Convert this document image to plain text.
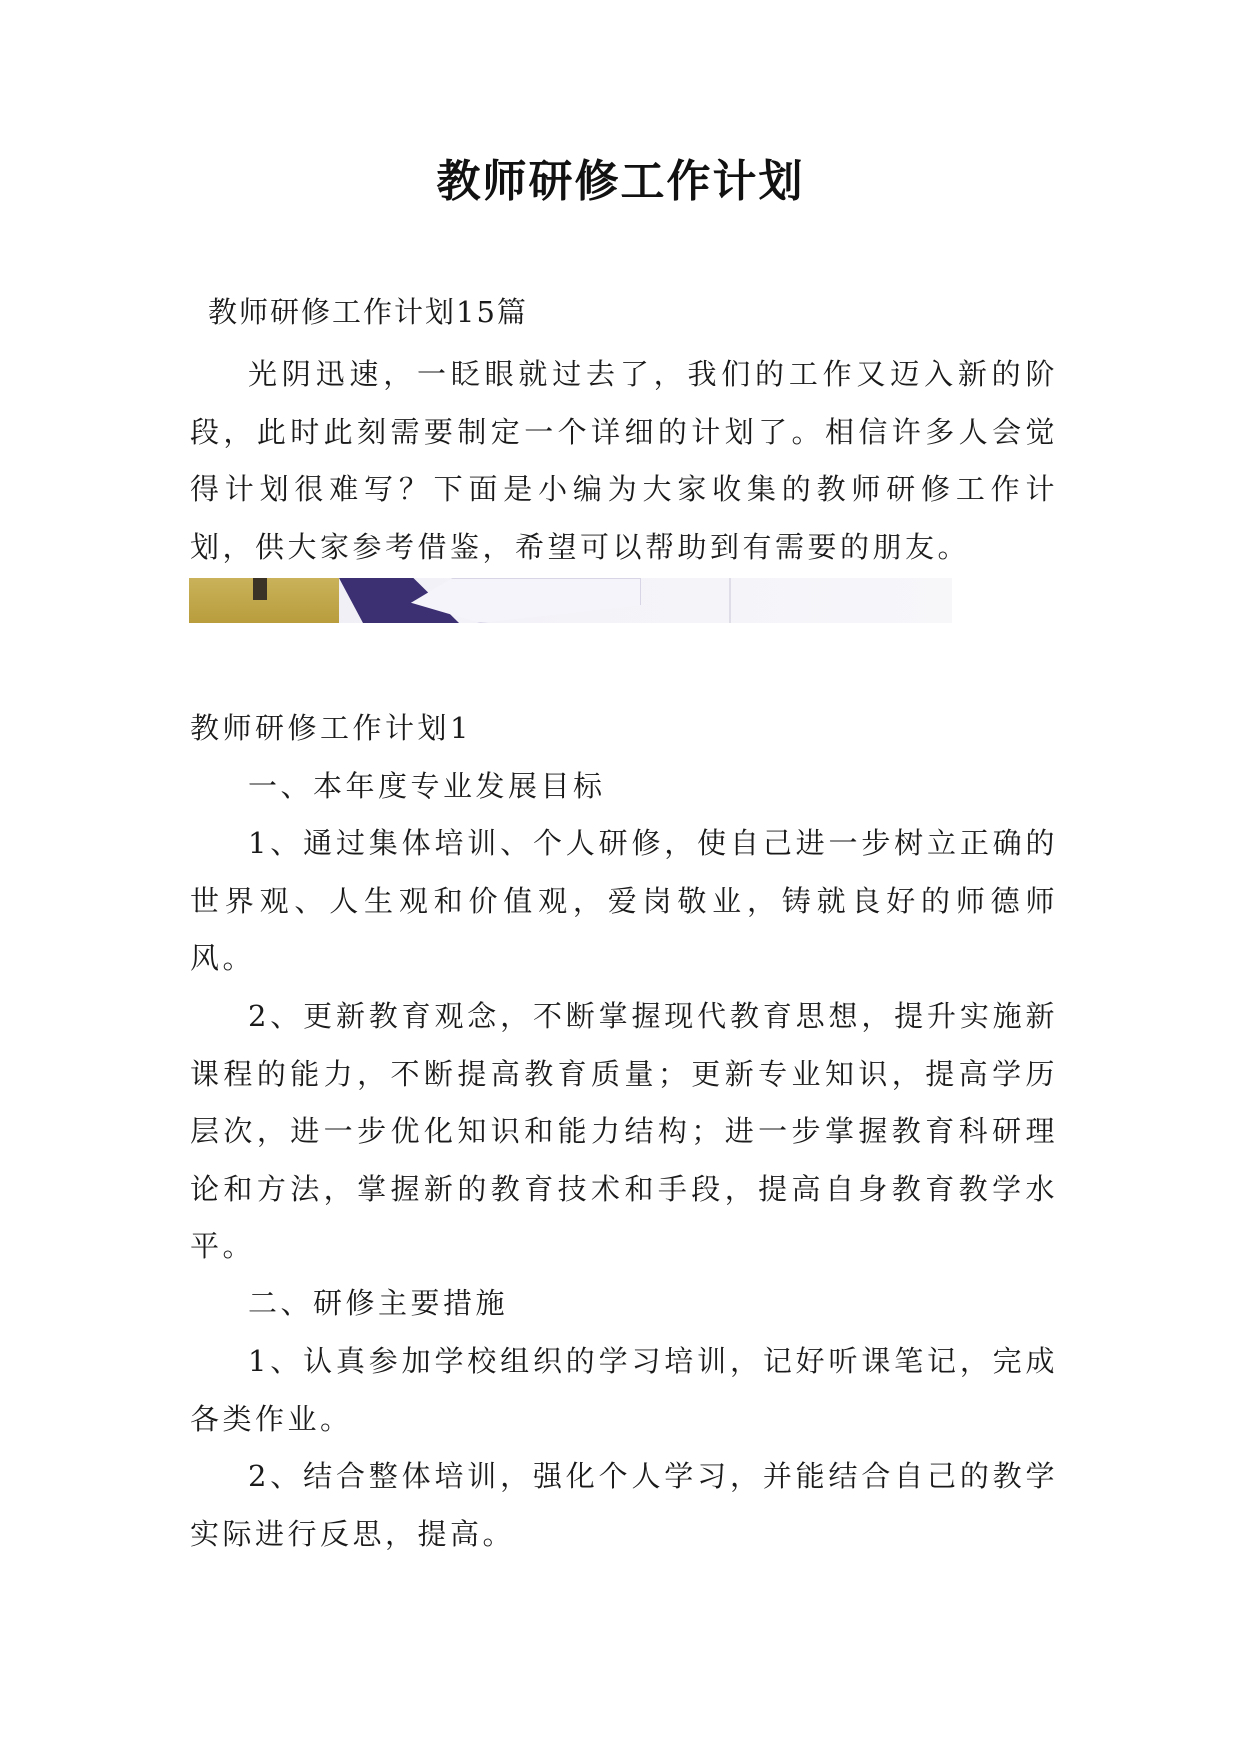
教师研修工作计划
教师研修工作计划15篇

光阴迅速，一眨眼就过去了，我们的工作又迈入新的阶段，此时此刻需要制定一个详细的计划了。相信许多人会觉得计划很难写？下面是小编为大家收集的教师研修工作计划，供大家参考借鉴，希望可以帮助到有需要的朋友。

教师研修工作计划1

一、本年度专业发展目标

1、通过集体培训、个人研修，使自己进一步树立正确的世界观、人生观和价值观，爱岗敬业，铸就良好的师德师风。

2、更新教育观念，不断掌握现代教育思想，提升实施新课程的能力，不断提高教育质量；更新专业知识，提高学历层次，进一步优化知识和能力结构；进一步掌握教育科研理论和方法，掌握新的教育技术和手段，提高自身教育教学水平。

二、研修主要措施

1、认真参加学校组织的学习培训，记好听课笔记，完成各类作业。

2、结合整体培训，强化个人学习，并能结合自己的教学实际进行反思，提高。
